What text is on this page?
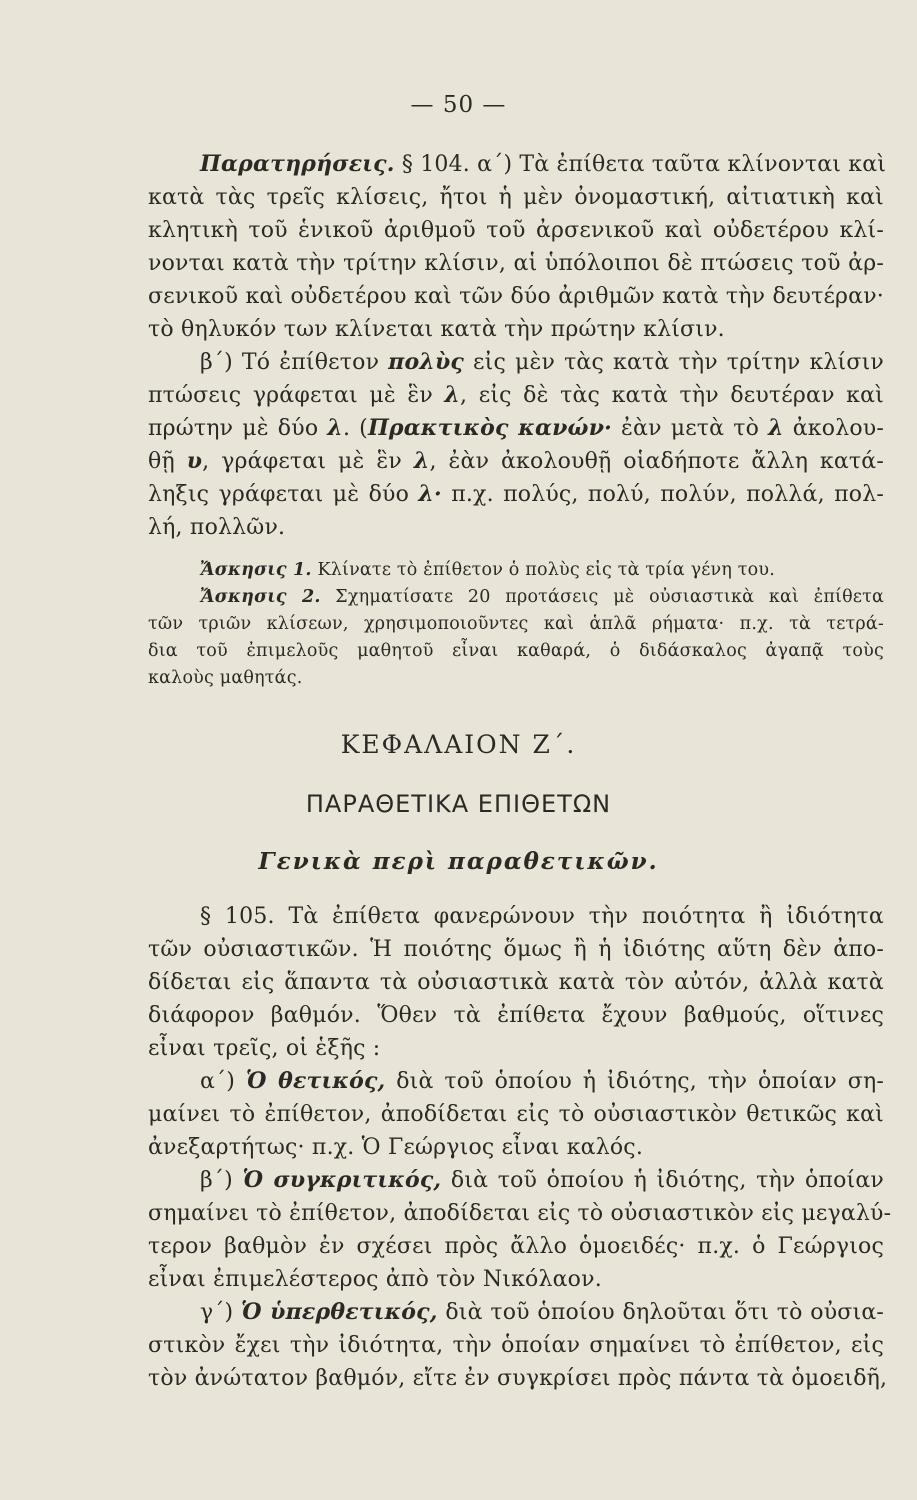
— 50 —
Παρατηρήσεις. § 104. α΄) Τὰ ἐπίθετα ταῦτα κλίνονται καὶ
κατὰ τὰς τρεῖς κλίσεις, ἤτοι ἡ μὲν ὀνομαστική, αἰτιατικὴ καὶ
κλητικὴ τοῦ ἑνικοῦ ἀριθμοῦ τοῦ ἀρσενικοῦ καὶ οὐδετέρου κλί-
νονται κατὰ τὴν τρίτην κλίσιν, αἱ ὑπόλοιποι δὲ πτώσεις τοῦ ἀρ-
σενικοῦ καὶ οὐδετέρου καὶ τῶν δύο ἀριθμῶν κατὰ τὴν δευτέραν·
τὸ θηλυκόν των κλίνεται κατὰ τὴν πρώτην κλίσιν.
β΄) Τό ἐπίθετον πολὺς εἰς μὲν τὰς κατὰ τὴν τρίτην κλίσιν
πτώσεις γράφεται μὲ ἓν λ, εἰς δὲ τὰς κατὰ τὴν δευτέραν καὶ
πρώτην μὲ δύο λ. (Πρακτικὸς κανών· ἐὰν μετὰ τὸ λ ἀκολου-
θῇ υ, γράφεται μὲ ἓν λ, ἐὰν ἀκολουθῇ οἱαδήποτε ἄλλη κατά-
ληξις γράφεται μὲ δύο λ· π.χ. πολύς, πολύ, πολύν, πολλά, πολ-
λή, πολλῶν.
Ἄσκησις 1. Κλίνατε τὸ ἐπίθετον ὁ πολὺς εἰς τὰ τρία γένη του.
Ἄσκησις 2. Σχηματίσατε 20 προτάσεις μὲ οὐσιαστικὰ καὶ ἐπίθετα
τῶν τριῶν κλίσεων, χρησιμοποιοῦντες καὶ ἁπλᾶ ρήματα· π.χ. τὰ τετρά-
δια τοῦ ἐπιμελοῦς μαθητοῦ εἶναι καθαρά, ὁ διδάσκαλος ἀγαπᾷ τοὺς
καλοὺς μαθητάς.
ΚΕΦΑΛΑΙΟΝ Ζ΄.
ΠΑΡΑΘΕΤΙΚΑ ΕΠΙΘΕΤΩΝ
Γενικὰ περὶ παραθετικῶν.
§ 105. Τὰ ἐπίθετα φανερώνουν τὴν ποιότητα ἢ ἰδιότητα
τῶν οὐσιαστικῶν. Ἡ ποιότης ὅμως ἢ ἡ ἰδιότης αὕτη δὲν ἀπο-
δίδεται εἰς ἅπαντα τὰ οὐσιαστικὰ κατὰ τὸν αὐτόν, ἀλλὰ κατὰ
διάφορον βαθμόν. Ὅθεν τὰ ἐπίθετα ἔχουν βαθμούς, οἵτινες
εἶναι τρεῖς, οἱ ἑξῆς :
α΄) Ὁ θετικός, διὰ τοῦ ὁποίου ἡ ἰδιότης, τὴν ὁποίαν ση-
μαίνει τὸ ἐπίθετον, ἀποδίδεται εἰς τὸ οὐσιαστικὸν θετικῶς καὶ
ἀνεξαρτήτως· π.χ. Ὁ Γεώργιος εἶναι καλός.
β΄) Ὁ συγκριτικός, διὰ τοῦ ὁποίου ἡ ἰδιότης, τὴν ὁποίαν
σημαίνει τὸ ἐπίθετον, ἀποδίδεται εἰς τὸ οὐσιαστικὸν εἰς μεγαλύ-
τερον βαθμὸν ἐν σχέσει πρὸς ἄλλο ὁμοειδές· π.χ. ὁ Γεώργιος
εἶναι ἐπιμελέστερος ἀπὸ τὸν Νικόλαον.
γ΄) Ὁ ὑπερθετικός, διὰ τοῦ ὁποίου δηλοῦται ὅτι τὸ οὐσια-
στικὸν ἔχει τὴν ἰδιότητα, τὴν ὁποίαν σημαίνει τὸ ἐπίθετον, εἰς
τὸν ἀνώτατον βαθμόν, εἴτε ἐν συγκρίσει πρὸς πάντα τὰ ὁμοειδῆ,
